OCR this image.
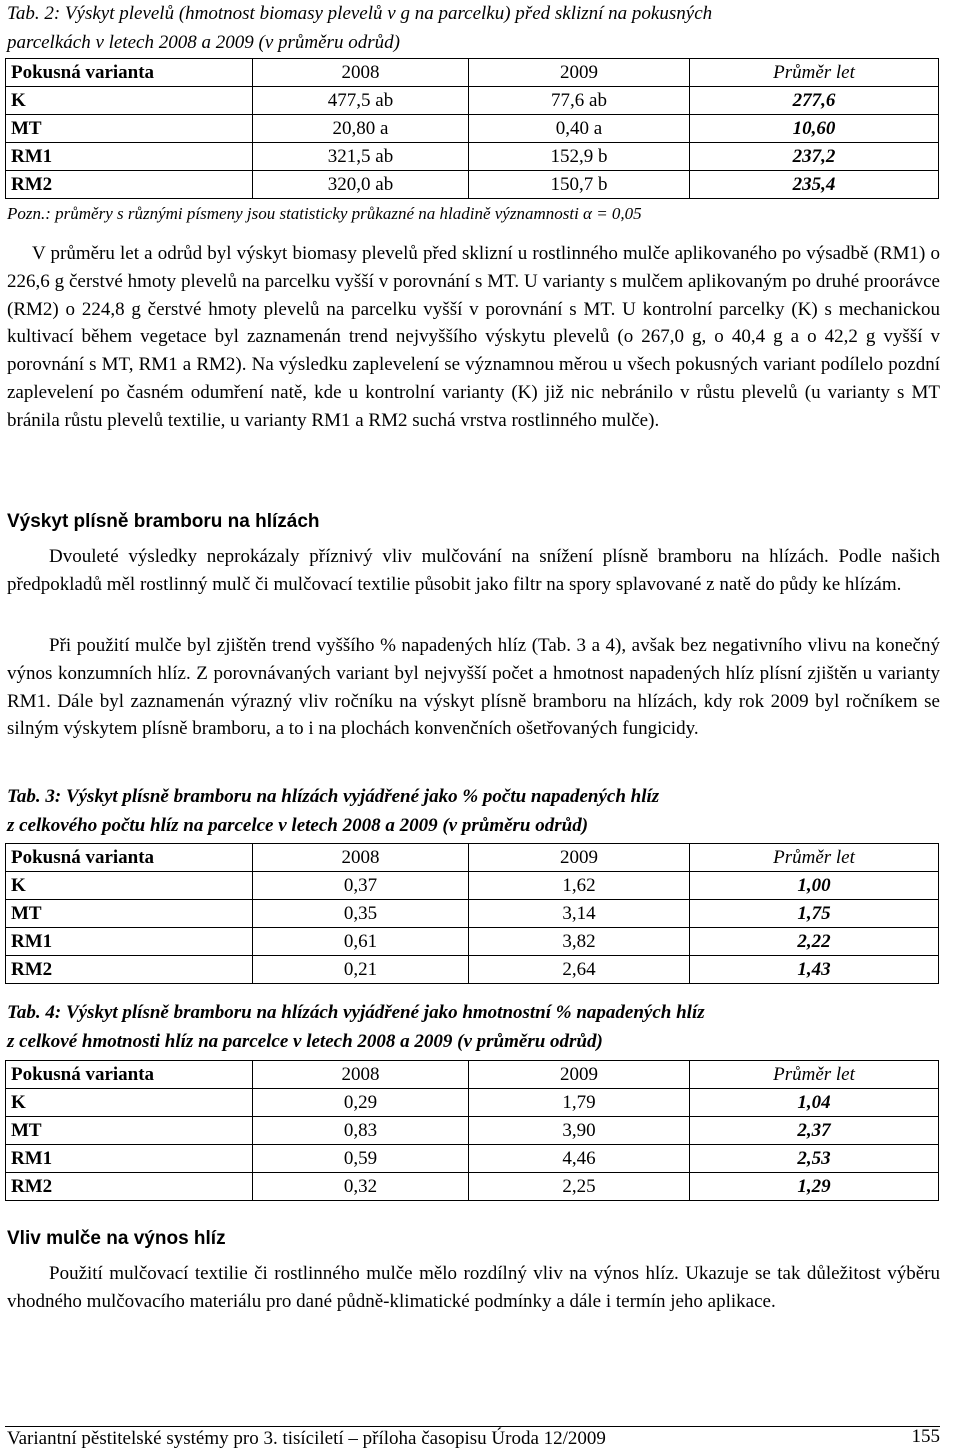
Tab. 2: Výskyt plevelů (hmotnost biomasy plevelů v g na parcelku) před sklizní na pokusných
parcelkách v letech 2008 a 2009 (v průměru odrůd)
Pokusná varianta	2008	2009	Průměr let
K	477,5 ab	77,6 ab	277,6
MT	20,80 a	0,40 a	10,60
RM1	321,5 ab	152,9 b	237,2
RM2	320,0 ab	150,7 b	235,4
Pozn.: průměry s různými písmeny jsou statisticky průkazné na hladině významnosti α = 0,05
V průměru let a odrůd byl výskyt biomasy plevelů před sklizní u rostlinného mulče aplikovaného po výsadbě (RM1) o 226,6 g čerstvé hmoty plevelů na parcelku vyšší v porovnání s MT. U varianty s mulčem aplikovaným po druhé proorávce (RM2) o 224,8 g čerstvé hmoty plevelů na parcelku vyšší v porovnání s MT. U kontrolní parcelky (K) s mechanickou kultivací během vegetace byl zaznamenán trend nejvyššího výskytu plevelů (o 267,0 g, o 40,4 g a o 42,2 g vyšší v porovnání s MT, RM1 a RM2). Na výsledku zaplevelení se významnou měrou u všech pokusných variant podílelo pozdní zaplevelení po časném odumření natě, kde u kontrolní varianty (K) již nic nebránilo v růstu plevelů (u varianty s MT bránila růstu plevelů textilie, u varianty RM1 a RM2 suchá vrstva rostlinného mulče).
Výskyt plísně bramboru na hlízách
Dvouleté výsledky neprokázaly příznivý vliv mulčování na snížení plísně bramboru na hlízách. Podle našich předpokladů měl rostlinný mulč či mulčovací textilie působit jako filtr na spory splavované z natě do půdy ke hlízám.
Při použití mulče byl zjištěn trend vyššího % napadených hlíz (Tab. 3 a 4), avšak bez negativního vlivu na konečný výnos konzumních hlíz. Z porovnávaných variant byl nejvyšší počet a hmotnost napadených hlíz plísní zjištěn u varianty RM1. Dále byl zaznamenán výrazný vliv ročníku na výskyt plísně bramboru na hlízách, kdy rok 2009 byl ročníkem se silným výskytem plísně bramboru, a to i na plochách konvenčních ošetřovaných fungicidy.
Tab. 3: Výskyt plísně bramboru na hlízách vyjádřené jako % počtu napadených hlíz
z celkového počtu hlíz na parcelce v letech 2008 a 2009 (v průměru odrůd)
Pokusná varianta	2008	2009	Průměr let
K	0,37	1,62	1,00
MT	0,35	3,14	1,75
RM1	0,61	3,82	2,22
RM2	0,21	2,64	1,43
Tab. 4: Výskyt plísně bramboru na hlízách vyjádřené jako hmotnostní % napadených hlíz
z celkové hmotnosti hlíz na parcelce v letech 2008 a 2009 (v průměru odrůd)
Pokusná varianta	2008	2009	Průměr let
K	0,29	1,79	1,04
MT	0,83	3,90	2,37
RM1	0,59	4,46	2,53
RM2	0,32	2,25	1,29
Vliv mulče na výnos hlíz
Použití mulčovací textilie či rostlinného mulče mělo rozdílný vliv na výnos hlíz. Ukazuje se tak důležitost výběru vhodného mulčovacího materiálu pro dané půdně-klimatické podmínky a dále i termín jeho aplikace.
Variantní pěstitelské systémy pro 3. tisíciletí – příloha časopisu Úroda 12/2009	155
